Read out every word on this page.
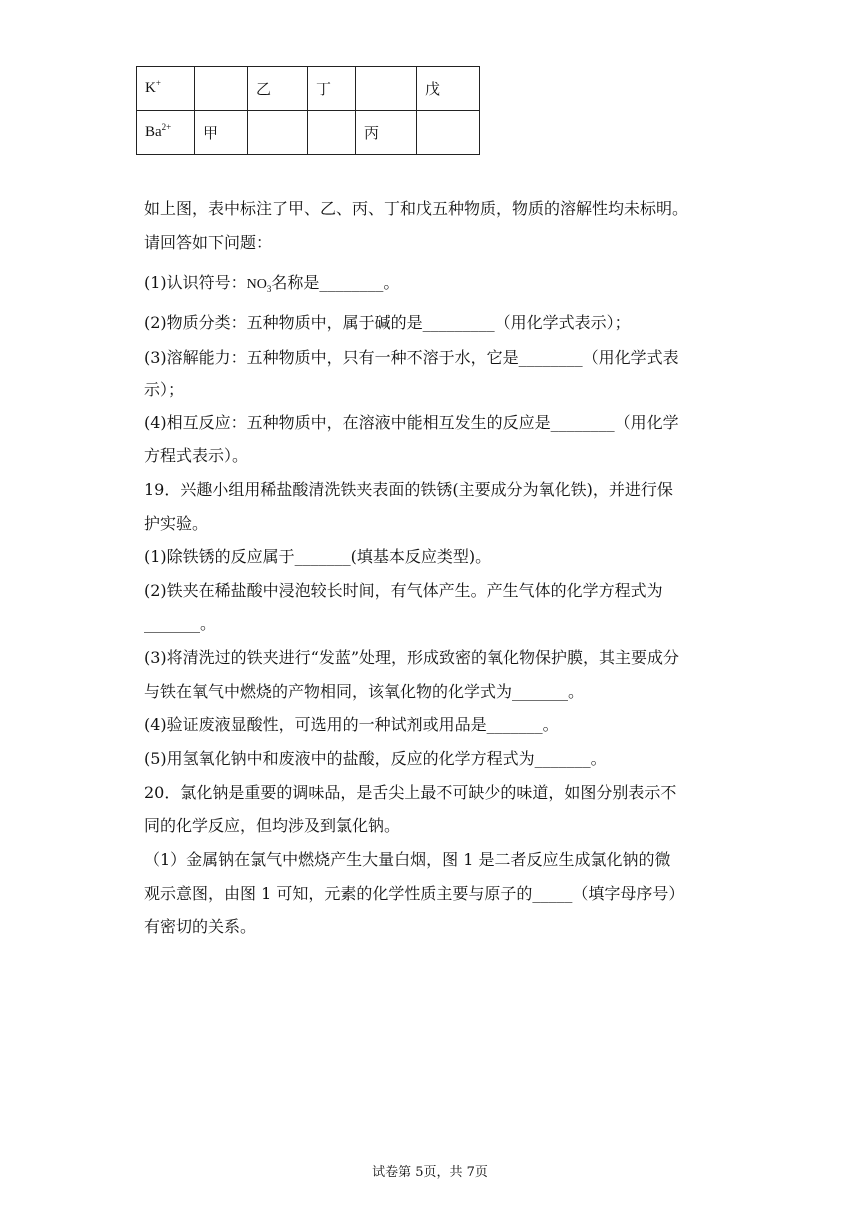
K+		乙	丁		戊
$Ba^{2+}$	甲			丙	
如上图，表中标注了甲、乙、丙、丁和戊五种物质，物质的溶解性均未标明。
请回答如下问题：
(1)认识符号：$NO_3$名称是________。
(2)物质分类：五种物质中，属于碱的是_________（用化学式表示）；
(3)溶解能力：五种物质中，只有一种不溶于水，它是________（用化学式表
示）；
(4)相互反应：五种物质中，在溶液中能相互发生的反应是________（用化学
方程式表示）。
19．兴趣小组用稀盐酸清洗铁夹表面的铁锈(主要成分为氧化铁)，并进行保
护实验。
(1)除铁锈的反应属于_______(填基本反应类型)。
(2)铁夹在稀盐酸中浸泡较长时间，有气体产生。产生气体的化学方程式为
_______。
(3)将清洗过的铁夹进行“发蓝”处理，形成致密的氧化物保护膜，其主要成分
与铁在氧气中燃烧的产物相同，该氧化物的化学式为_______。
(4)验证废液显酸性，可选用的一种试剂或用品是_______。
(5)用氢氧化钠中和废液中的盐酸，反应的化学方程式为_______。
20．氯化钠是重要的调味品，是舌尖上最不可缺少的味道，如图分别表示不
同的化学反应，但均涉及到氯化钠。
（1）金属钠在氯气中燃烧产生大量白烟，图 1 是二者反应生成氯化钠的微
观示意图，由图 1 可知，元素的化学性质主要与原子的_____（填字母序号）
有密切的关系。
试卷第 5页，共 7页
